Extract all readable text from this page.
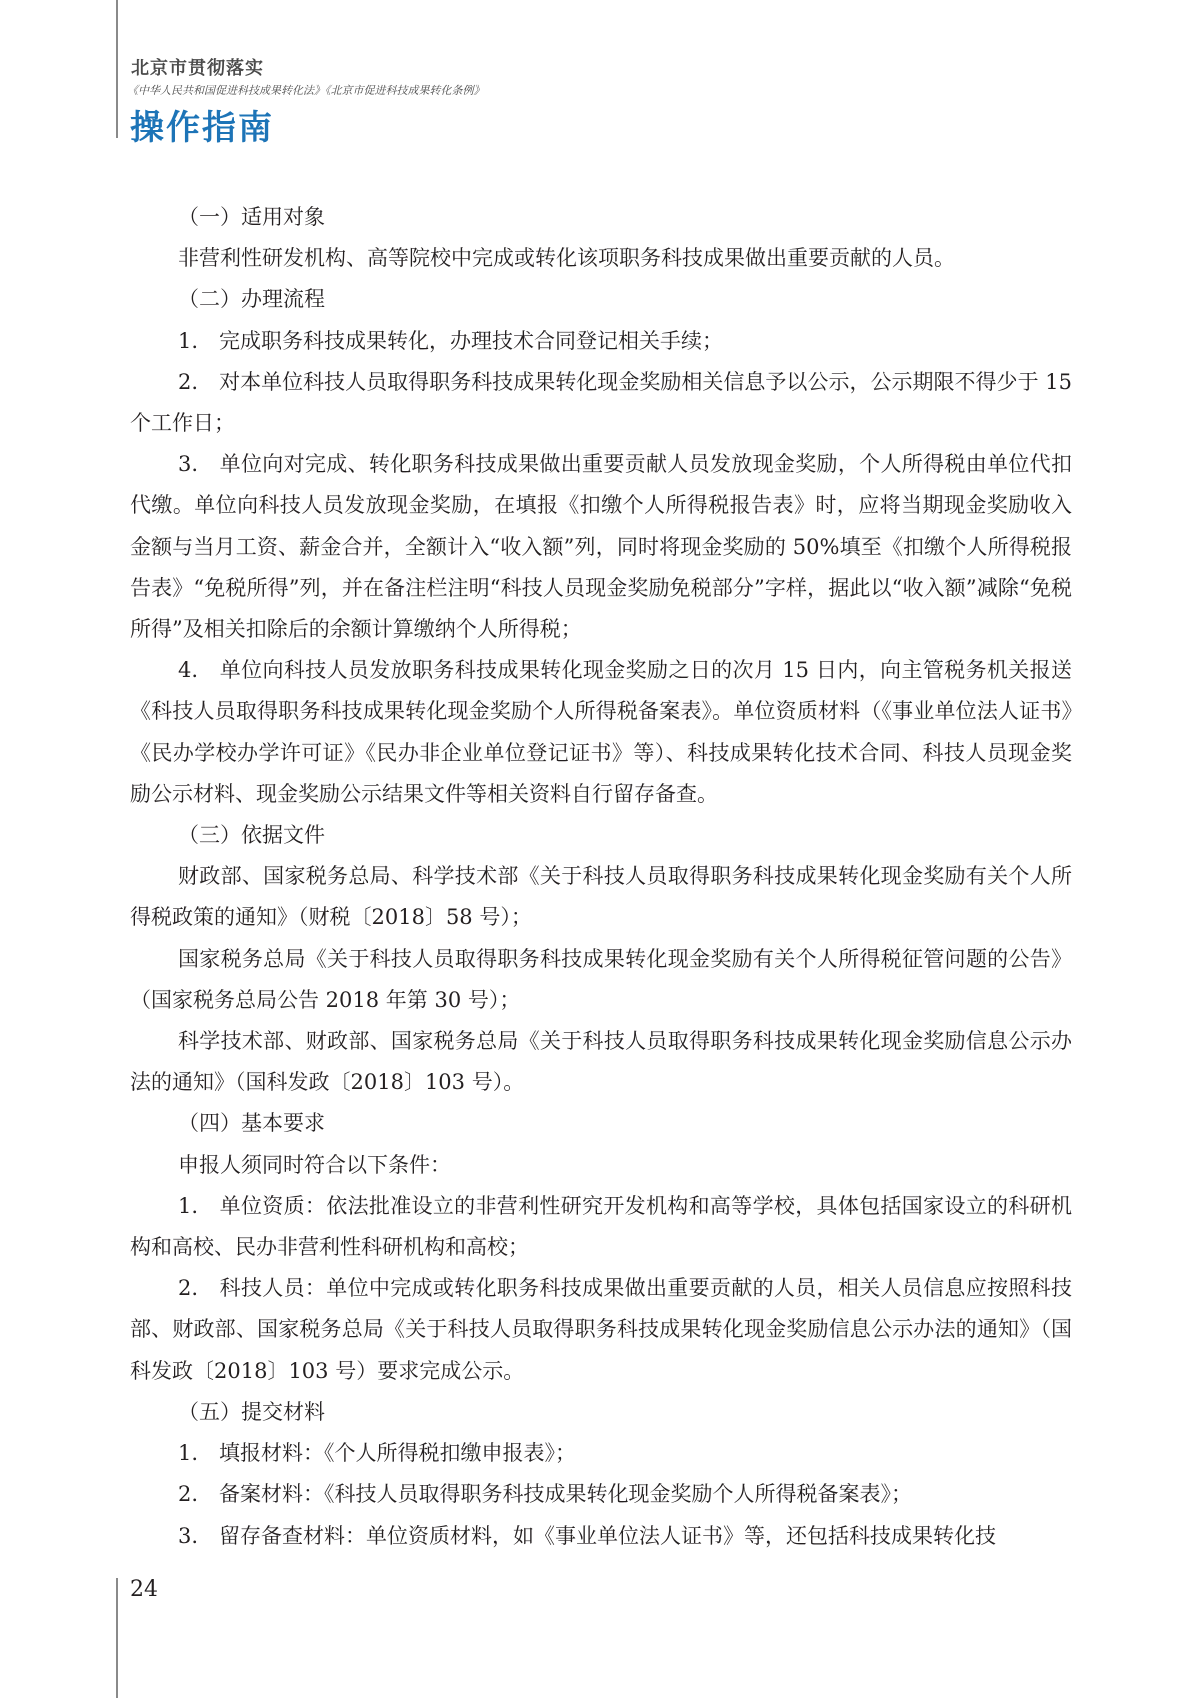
北京市贯彻落实
《中华人民共和国促进科技成果转化法》《北京市促进科技成果转化条例》
操作指南

（一）适用对象

非营利性研发机构、高等院校中完成或转化该项职务科技成果做出重要贡献的人员。

（二）办理流程

1.　完成职务科技成果转化，办理技术合同登记相关手续；

2.　对本单位科技人员取得职务科技成果转化现金奖励相关信息予以公示，公示期限不得少于 15 个工作日；

3.　单位向对完成、转化职务科技成果做出重要贡献人员发放现金奖励，个人所得税由单位代扣代缴。单位向科技人员发放现金奖励，在填报《扣缴个人所得税报告表》时，应将当期现金奖励收入金额与当月工资、薪金合并，全额计入“收入额”列，同时将现金奖励的 50%填至《扣缴个人所得税报告表》“免税所得”列，并在备注栏注明“科技人员现金奖励免税部分”字样，据此以“收入额”减除“免税所得”及相关扣除后的余额计算缴纳个人所得税；

4.　单位向科技人员发放职务科技成果转化现金奖励之日的次月 15 日内，向主管税务机关报送《科技人员取得职务科技成果转化现金奖励个人所得税备案表》。单位资质材料（《事业单位法人证书》《民办学校办学许可证》《民办非企业单位登记证书》等）、科技成果转化技术合同、科技人员现金奖励公示材料、现金奖励公示结果文件等相关资料自行留存备查。

（三）依据文件

财政部、国家税务总局、科学技术部《关于科技人员取得职务科技成果转化现金奖励有关个人所得税政策的通知》（财税〔2018〕58 号）；

国家税务总局《关于科技人员取得职务科技成果转化现金奖励有关个人所得税征管问题的公告》（国家税务总局公告 2018 年第 30 号）；

科学技术部、财政部、国家税务总局《关于科技人员取得职务科技成果转化现金奖励信息公示办法的通知》（国科发政〔2018〕103 号）。

（四）基本要求

申报人须同时符合以下条件：

1.　单位资质：依法批准设立的非营利性研究开发机构和高等学校，具体包括国家设立的科研机构和高校、民办非营利性科研机构和高校；

2.　科技人员：单位中完成或转化职务科技成果做出重要贡献的人员，相关人员信息应按照科技部、财政部、国家税务总局《关于科技人员取得职务科技成果转化现金奖励信息公示办法的通知》（国科发政〔2018〕103 号）要求完成公示。

（五）提交材料

1.　填报材料：《个人所得税扣缴申报表》；

2.　备案材料：《科技人员取得职务科技成果转化现金奖励个人所得税备案表》；

3.　留存备查材料：单位资质材料，如《事业单位法人证书》等，还包括科技成果转化技

24
